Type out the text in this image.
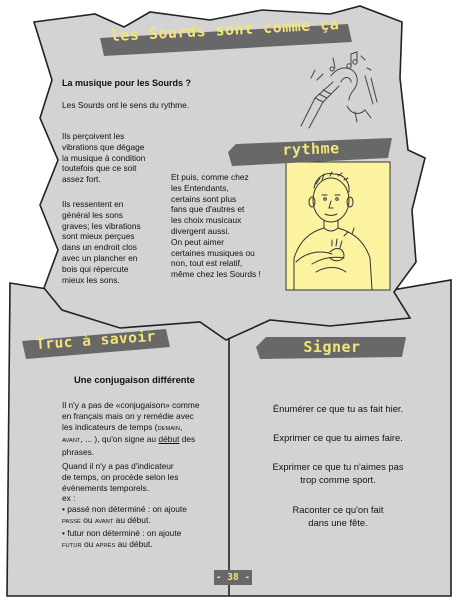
les Sourds sont comme ça
La musique pour les Sourds ?
Les Sourds ont le sens du rythme.

Ils perçoivent les

vibrations que dégage

la musique à condition

toutefois que ce soit

assez fort.

Ils ressentent en

général les sons

graves; les vibrations

sont mieux perçues

dans un endroit clos

avec un plancher en

bois qui répercute

mieux les sons.

Et puis, comme chez

les Entendants,

certains sont plus

fans que d'autres et

les choix musicaux

divergent aussi.

On peut aimer

certaines musiques ou

non, tout est relatif,

même chez les Sourds !

rythme
Truc à savoir
Une conjugaison différente

Il n'y a pas de «conjugaison» comme

en français mais on y remédie avec

les indicateurs de temps (DEMAIN,

AVANT, ... ), qu'on signe au début des

phrases.

Quand il n'y a pas d'indicateur

de temps, on procède selon les

évènements temporels.

ex :

• passé non déterminé : on ajoute

PASSÉ ou AVANT au début.

• futur non déterminé : on ajoute

FUTUR ou APRÈS au début.

Signer
Énumérer ce que tu as fait hier.
Exprimer ce que tu aimes faire.
Exprimer ce que tu n'aimes pas
trop comme sport.
Raconter ce qu'on fait
dans une fête.
- 38 -
